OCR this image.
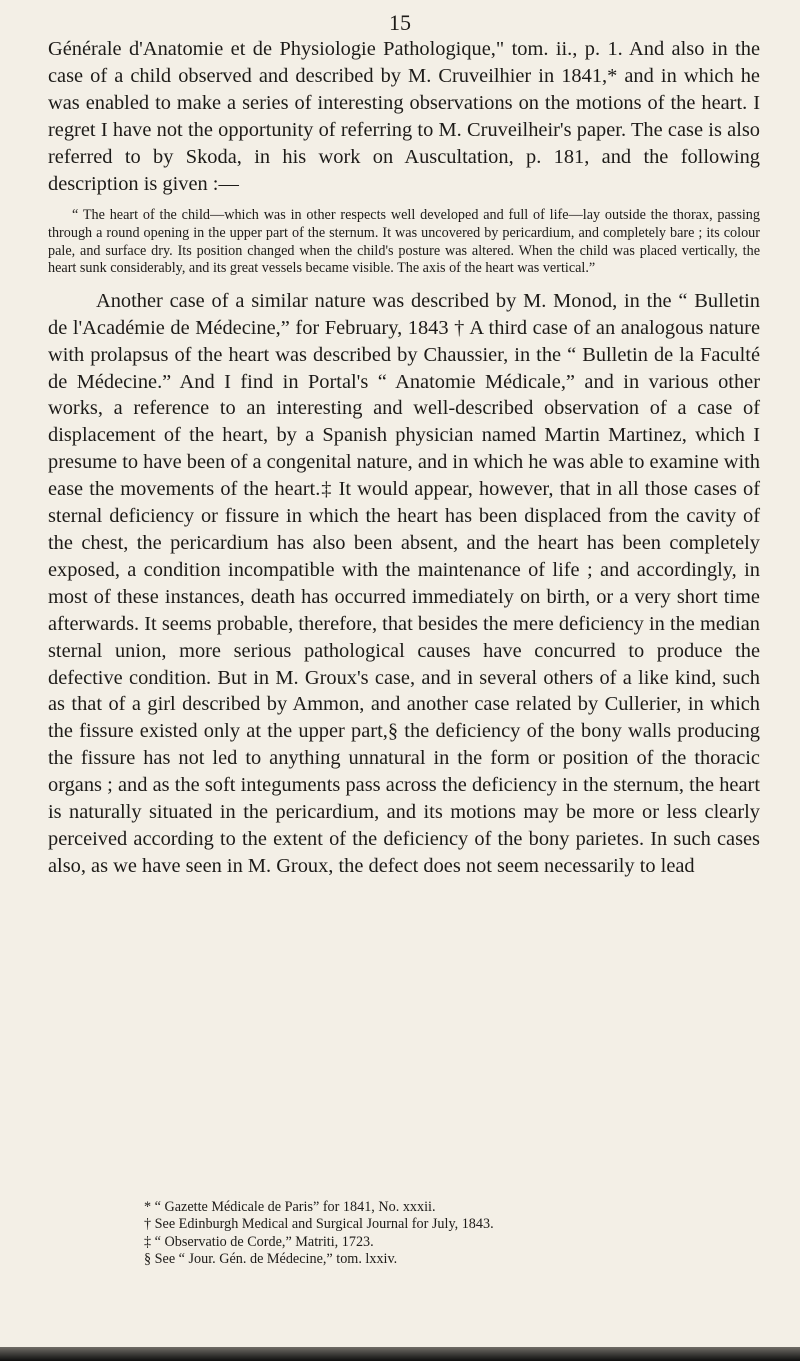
15

Générale d'Anatomie et de Physiologie Pathologique," tom. ii., p. 1. And also in the case of a child observed and described by M. Cruveilhier in 1841,* and in which he was enabled to make a series of interesting observations on the motions of the heart. I regret I have not the opportunity of referring to M. Cruveilheir's paper. The case is also referred to by Skoda, in his work on Auscultation, p. 181, and the following description is given :—

“ The heart of the child—which was in other respects well developed and full of life—lay outside the thorax, passing through a round opening in the upper part of the sternum. It was uncovered by pericardium, and completely bare ; its colour pale, and surface dry. Its position changed when the child's posture was altered. When the child was placed vertically, the heart sunk considerably, and its great vessels became visible. The axis of the heart was vertical.”

Another case of a similar nature was described by M. Monod, in the “ Bulletin de l'Académie de Médecine,” for February, 1843 † A third case of an analogous nature with prolapsus of the heart was described by Chaussier, in the “ Bulletin de la Faculté de Médecine.” And I find in Portal's “ Anatomie Médicale,” and in various other works, a reference to an interesting and well-described observation of a case of displacement of the heart, by a Spanish physician named Martin Martinez, which I presume to have been of a congenital nature, and in which he was able to examine with ease the movements of the heart.‡ It would appear, however, that in all those cases of sternal deficiency or fissure in which the heart has been displaced from the cavity of the chest, the pericardium has also been absent, and the heart has been completely exposed, a condition incompatible with the maintenance of life ; and accordingly, in most of these instances, death has occurred immediately on birth, or a very short time afterwards. It seems probable, therefore, that besides the mere deficiency in the median sternal union, more serious pathological causes have concurred to produce the defective condition. But in M. Groux's case, and in several others of a like kind, such as that of a girl described by Ammon, and another case related by Cullerier, in which the fissure existed only at the upper part,§ the deficiency of the bony walls producing the fissure has not led to anything unnatural in the form or position of the thoracic organs ; and as the soft integuments pass across the deficiency in the sternum, the heart is naturally situated in the pericardium, and its motions may be more or less clearly perceived according to the extent of the deficiency of the bony parietes. In such cases also, as we have seen in M. Groux, the defect does not seem necessarily to lead

* “ Gazette Médicale de Paris” for 1841, No. xxxii.

† See Edinburgh Medical and Surgical Journal for July, 1843.

‡ “ Observatio de Corde,” Matriti, 1723.

§ See “ Jour. Gén. de Médecine,” tom. lxxiv.
